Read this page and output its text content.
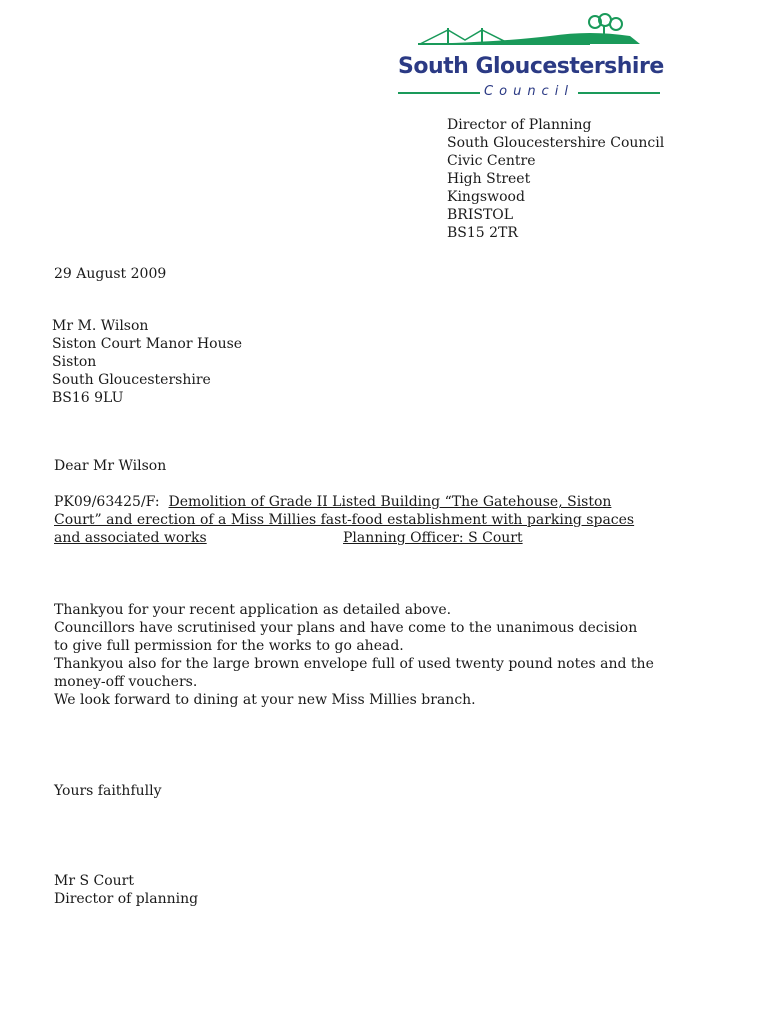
South Gloucestershire
Council
Director of Planning
South Gloucestershire Council
Civic Centre
High Street
Kingswood
BRISTOL
BS15 2TR
29 August 2009
Mr M. Wilson
Siston Court Manor House
Siston
South Gloucestershire
BS16 9LU
Dear Mr Wilson
PK09/63425/F: Demolition of Grade II Listed Building “The Gatehouse, Siston
Court” and erection of a Miss Millies fast-food establishment with parking spaces
and associated works	Planning Officer: S Court
Thankyou for your recent application as detailed above.
Councillors have scrutinised your plans and have come to the unanimous decision
to give full permission for the works to go ahead.
Thankyou also for the large brown envelope full of used twenty pound notes and the
money-off vouchers.
We look forward to dining at your new Miss Millies branch.
Yours faithfully
Mr S Court
Director of planning
